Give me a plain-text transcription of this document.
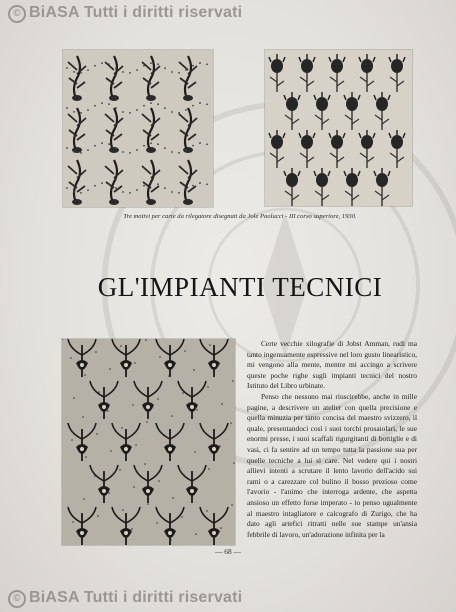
© BiASA Tutti i diritti riservati
Tre motivi per carte da rilegatore disegnati da Jole Paolucci - III corso superiore, 1930.
GL'IMPIANTI TECNICI

Certe vecchie xilografie di Jobst Amman, rudi ma tanto ingenuamente espressive nel loro gusto linearistico, mi vengono alla mente, mentre mi accingo a scrivere queste poche righe sugli impianti tecnici del nostro Istituto del Libro urbinate.

Penso che nessuno mai riuscirebbe, anche in mille pagine, a descrivere un atelier con quella precisione e quella minuzia per tanto concisa del maestro svizzero, il quale, presentandoci così i suoi torchi prosaiolari, le sue enormi presse, i suoi scaffali rigurgitanti di bottiglie e di vasi, ci fa sentire ad un tempo tutta la passione sua per quelle tecniche a lui sì care. Nel vedere qui i nostri allievi intenti a scrutare il lento lavorio dell'acido sui rami o a carezzare col bulino il bosso prezioso come l'avorio - l'animo che interroga ardente, che aspetta ansioso un effetto forse imperato - io penso ugualmente al maestro intagliatore e calcografo di Zurigo, che ha dato agli artefici ritratti nelle sue stampe un'ansia febbrile di lavoro, un'adorazione infinita per la

— 68 —
© BiASA Tutti i diritti riservati
